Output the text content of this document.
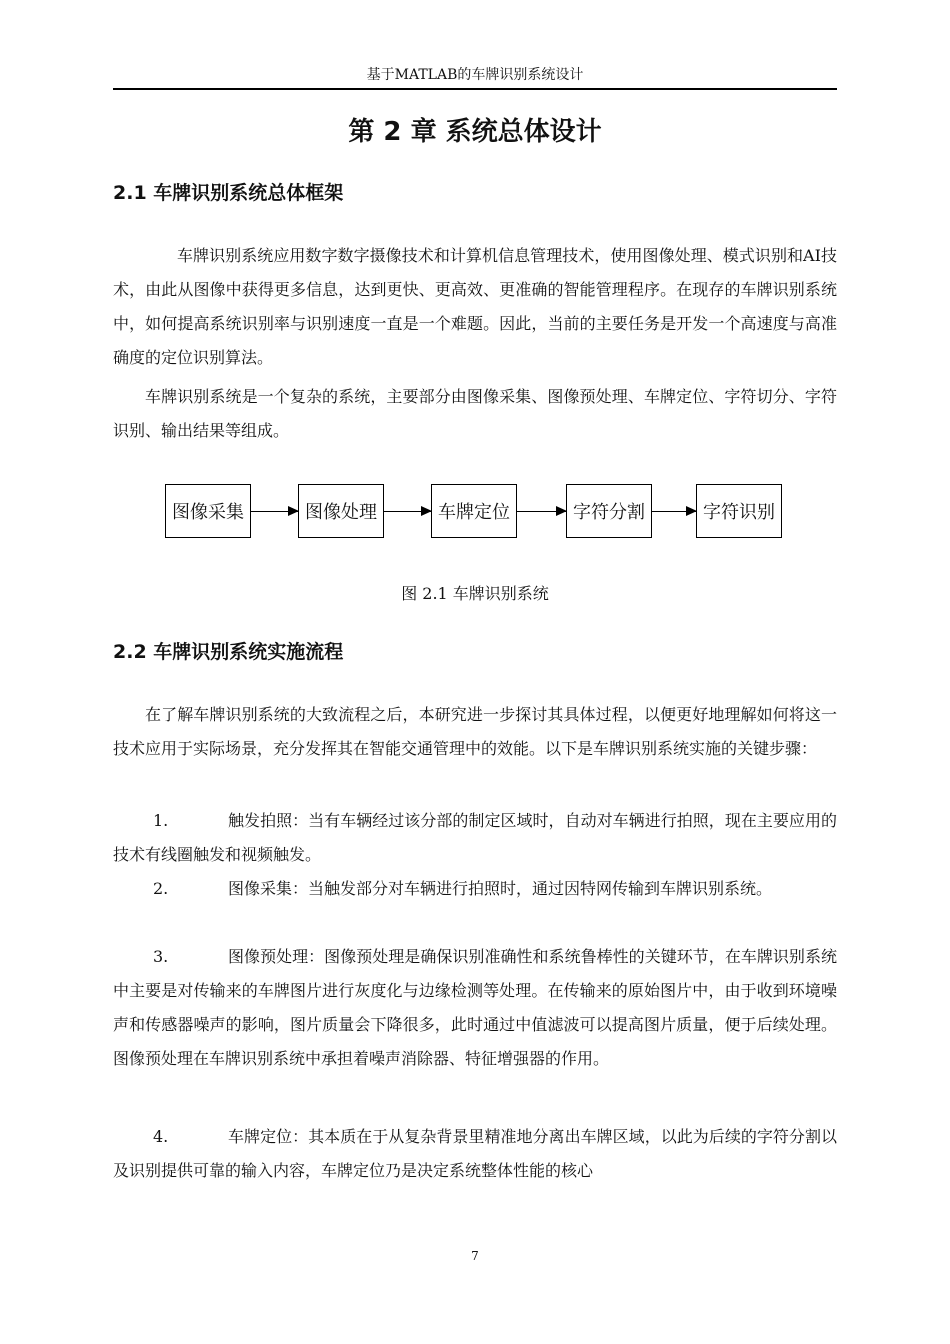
基于MATLAB的车牌识别系统设计
第 2 章 系统总体设计
2.1 车牌识别系统总体框架
车牌识别系统应用数字数字摄像技术和计算机信息管理技术，使用图像处理、模式识别和AI技术，由此从图像中获得更多信息，达到更快、更高效、更准确的智能管理程序。在现存的车牌识别系统中，如何提高系统识别率与识别速度一直是一个难题。因此，当前的主要任务是开发一个高速度与高准确度的定位识别算法。
车牌识别系统是一个复杂的系统，主要部分由图像采集、图像预处理、车牌定位、字符切分、字符识别、输出结果等组成。
图像采集	图像处理	车牌定位	字符分割	字符识别
图 2.1 车牌识别系统
2.2 车牌识别系统实施流程
在了解车牌识别系统的大致流程之后，本研究进一步探讨其具体过程，以便更好地理解如何将这一技术应用于实际场景，充分发挥其在智能交通管理中的效能。以下是车牌识别系统实施的关键步骤：
1.	触发拍照：当有车辆经过该分部的制定区域时，自动对车辆进行拍照，现在主要应用的技术有线圈触发和视频触发。
2.	图像采集：当触发部分对车辆进行拍照时，通过因特网传输到车牌识别系统。
3.	图像预处理：图像预处理是确保识别准确性和系统鲁棒性的关键环节，在车牌识别系统中主要是对传输来的车牌图片进行灰度化与边缘检测等处理。在传输来的原始图片中，由于收到环境噪声和传感器噪声的影响，图片质量会下降很多，此时通过中值滤波可以提高图片质量，便于后续处理。图像预处理在车牌识别系统中承担着噪声消除器、特征增强器的作用。
4.	车牌定位：其本质在于从复杂背景里精准地分离出车牌区域，以此为后续的字符分割以及识别提供可靠的输入内容，车牌定位乃是决定系统整体性能的核心
7
